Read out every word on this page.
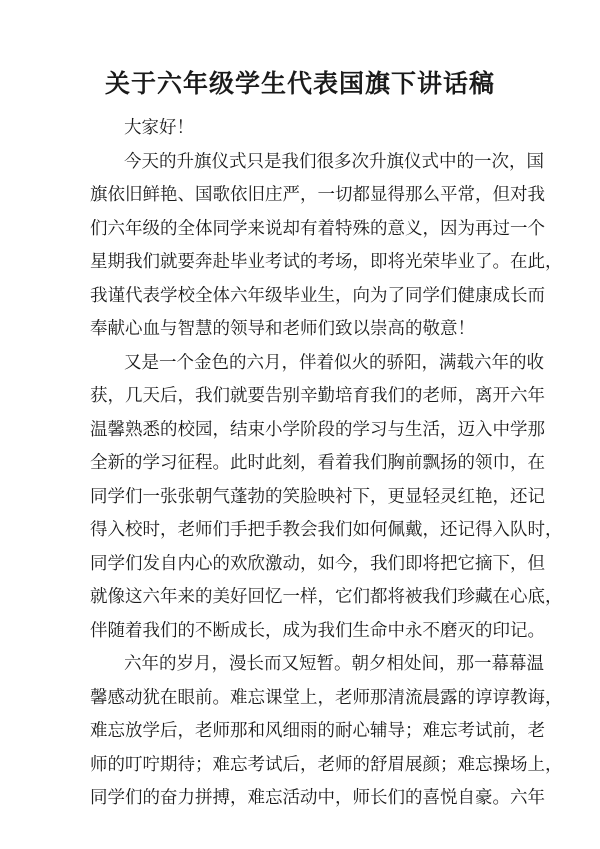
关于六年级学生代表国旗下讲话稿
大家好！
今天的升旗仪式只是我们很多次升旗仪式中的一次，国
旗依旧鲜艳、国歌依旧庄严，一切都显得那么平常，但对我
们六年级的全体同学来说却有着特殊的意义，因为再过一个
星期我们就要奔赴毕业考试的考场，即将光荣毕业了。在此，
我谨代表学校全体六年级毕业生，向为了同学们健康成长而
奉献心血与智慧的领导和老师们致以崇高的敬意！
又是一个金色的六月，伴着似火的骄阳，满载六年的收
获，几天后，我们就要告别辛勤培育我们的老师，离开六年
温馨熟悉的校园，结束小学阶段的学习与生活，迈入中学那
全新的学习征程。此时此刻，看着我们胸前飘扬的领巾，在
同学们一张张朝气蓬勃的笑脸映衬下，更显轻灵红艳，还记
得入校时，老师们手把手教会我们如何佩戴，还记得入队时，
同学们发自内心的欢欣激动，如今，我们即将把它摘下，但
就像这六年来的美好回忆一样，它们都将被我们珍藏在心底，
伴随着我们的不断成长，成为我们生命中永不磨灭的印记。
六年的岁月，漫长而又短暂。朝夕相处间，那一幕幕温
馨感动犹在眼前。难忘课堂上，老师那清流晨露的谆谆教诲，
难忘放学后，老师那和风细雨的耐心辅导；难忘考试前，老
师的叮咛期待；难忘考试后，老师的舒眉展颜；难忘操场上，
同学们的奋力拼搏，难忘活动中，师长们的喜悦自豪。六年
